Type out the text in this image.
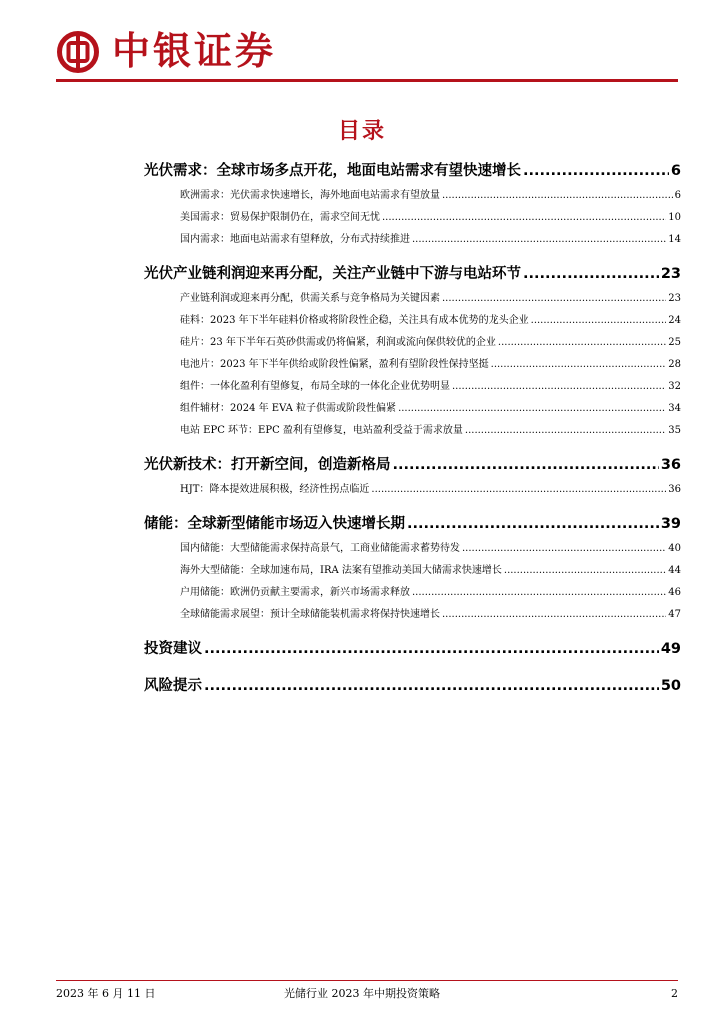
中银证券
目录
光伏需求：全球市场多点开花，地面电站需求有望快速增长 .....	6
欧洲需求：光伏需求快速增长，海外地面电站需求有望放量 .....	6
美国需求：贸易保护限制仍在，需求空间无忧 .....	10
国内需求：地面电站需求有望释放，分布式持续推进 .....	14
光伏产业链利润迎来再分配，关注产业链中下游与电站环节 .....	23
产业链利润或迎来再分配，供需关系与竞争格局为关键因素 .....	23
硅料：2023 年下半年硅料价格或将阶段性企稳，关注具有成本优势的龙头企业 .....	24
硅片：23 年下半年石英砂供需或仍将偏紧，利润或流向保供较优的企业 .....	25
电池片：2023 年下半年供给或阶段性偏紧，盈利有望阶段性保持坚挺 .....	28
组件：一体化盈利有望修复，布局全球的一体化企业优势明显 .....	32
组件辅材：2024 年 EVA 粒子供需或阶段性偏紧 .....	34
电站 EPC 环节：EPC 盈利有望修复，电站盈利受益于需求放量 .....	35
光伏新技术：打开新空间，创造新格局 .....	36
HJT：降本提效进展积极，经济性拐点临近 .....	36
储能：全球新型储能市场迈入快速增长期 .....	39
国内储能：大型储能需求保持高景气，工商业储能需求蓄势待发 .....	40
海外大型储能：全球加速布局，IRA 法案有望推动美国大储需求快速增长 .....	44
户用储能：欧洲仍贡献主要需求，新兴市场需求释放 .....	46
全球储能需求展望：预计全球储能装机需求将保持快速增长 .....	47
投资建议 .....	49
风险提示 .....	50
2023 年 6 月 11 日	光储行业 2023 年中期投资策略	2
